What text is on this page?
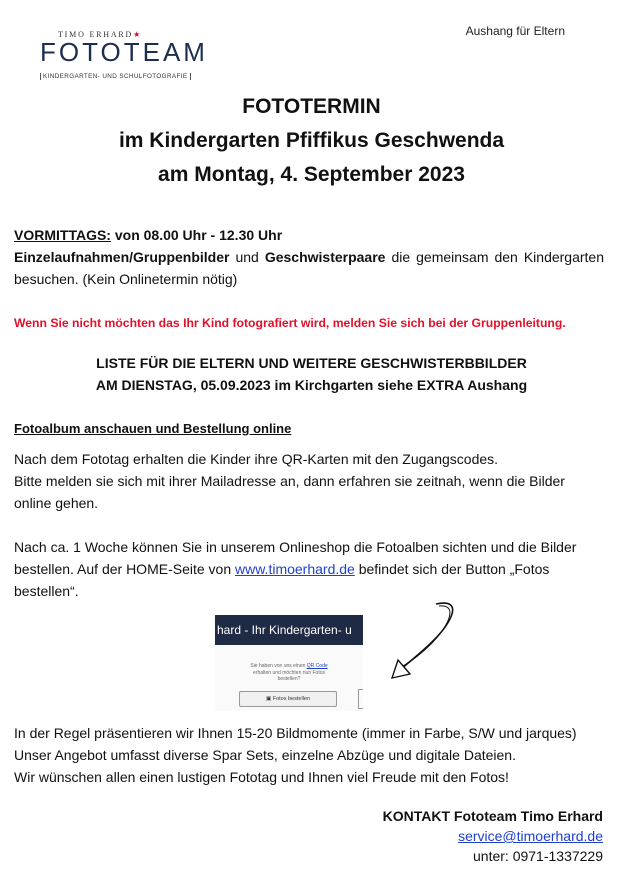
Aushang für Eltern
TIMO ERHARD★
FOTOTEAM
KINDERGARTEN- UND SCHULFOTOGRAFIE
FOTOTERMIN
im Kindergarten Pfiffikus Geschwenda
am Montag, 4. September 2023
VORMITTAGS: von 08.00 Uhr - 12.30 Uhr
Einzelaufnahmen/Gruppenbilder und Geschwisterpaare die gemeinsam den Kindergarten besuchen. (Kein Onlinetermin nötig)
Wenn Sie nicht möchten das Ihr Kind fotografiert wird, melden Sie sich bei der Gruppenleitung.
LISTE FÜR DIE ELTERN UND WEITERE GESCHWISTERBBILDER
AM DIENSTAG, 05.09.2023 im Kirchgarten siehe EXTRA Aushang
Fotoalbum anschauen und Bestellung online
Nach dem Fototag erhalten die Kinder ihre QR-Karten mit den Zugangscodes.
Bitte melden sie sich mit ihrer Mailadresse an, dann erfahren sie zeitnah, wenn die Bilder online gehen.
Nach ca. 1 Woche können Sie in unserem Onlineshop die Fotoalben sichten und die Bilder bestellen. Auf der HOME-Seite von www.timoerhard.de befindet sich der Button „Fotos bestellen“.
hard - Ihr Kindergarten- u
Sie haben von uns einen QR Code erhalten und möchten nun Fotos bestellen?
▣ Fotos bestellen
In der Regel präsentieren wir Ihnen 15-20 Bildmomente (immer in Farbe, S/W und jarques)
Unser Angebot umfasst diverse Spar Sets, einzelne Abzüge und digitale Dateien.
Wir wünschen allen einen lustigen Fototag und Ihnen viel Freude mit den Fotos!
KONTAKT Fototeam Timo Erhard
service@timoerhard.de
unter: 0971-1337229
